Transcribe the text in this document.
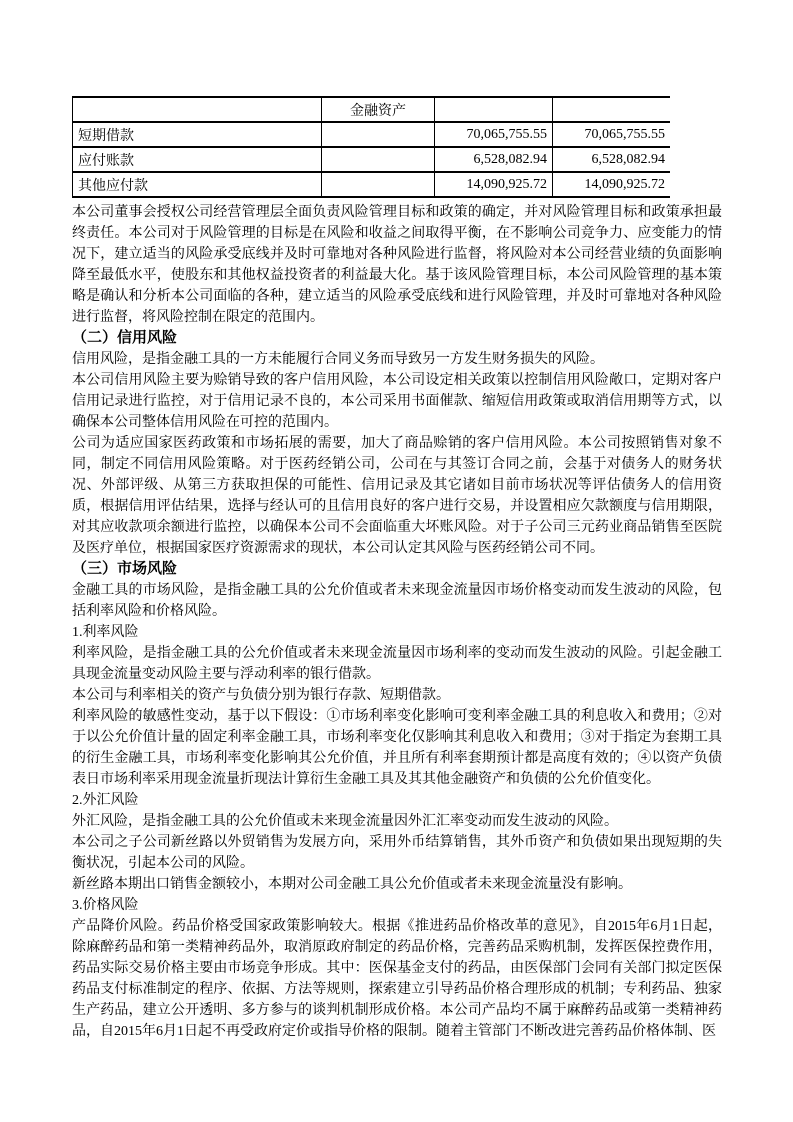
	金融资产		
短期借款		70,065,755.55	70,065,755.55
应付账款		6,528,082.94	6,528,082.94
其他应付款		14,090,925.72	14,090,925.72

本公司董事会授权公司经营管理层全面负责风险管理目标和政策的确定，并对风险管理目标和政策承担最终责任。本公司对于风险管理的目标是在风险和收益之间取得平衡，在不影响公司竞争力、应变能力的情况下，建立适当的风险承受底线并及时可靠地对各种风险进行监督，将风险对本公司经营业绩的负面影响降至最低水平，使股东和其他权益投资者的利益最大化。基于该风险管理目标，本公司风险管理的基本策略是确认和分析本公司面临的各种，建立适当的风险承受底线和进行风险管理，并及时可靠地对各种风险进行监督，将风险控制在限定的范围内。

（二）信用风险

信用风险，是指金融工具的一方未能履行合同义务而导致另一方发生财务损失的风险。

本公司信用风险主要为赊销导致的客户信用风险，本公司设定相关政策以控制信用风险敞口，定期对客户信用记录进行监控，对于信用记录不良的，本公司采用书面催款、缩短信用政策或取消信用期等方式，以确保本公司整体信用风险在可控的范围内。

公司为适应国家医药政策和市场拓展的需要，加大了商品赊销的客户信用风险。本公司按照销售对象不同，制定不同信用风险策略。对于医药经销公司，公司在与其签订合同之前，会基于对债务人的财务状况、外部评级、从第三方获取担保的可能性、信用记录及其它诸如目前市场状况等评估债务人的信用资质，根据信用评估结果，选择与经认可的且信用良好的客户进行交易，并设置相应欠款额度与信用期限，对其应收款项余额进行监控，以确保本公司不会面临重大坏账风险。对于子公司三元药业商品销售至医院及医疗单位，根据国家医疗资源需求的现状，本公司认定其风险与医药经销公司不同。

（三）市场风险

金融工具的市场风险，是指金融工具的公允价值或者未来现金流量因市场价格变动而发生波动的风险，包括利率风险和价格风险。

1.利率风险

利率风险，是指金融工具的公允价值或者未来现金流量因市场利率的变动而发生波动的风险。引起金融工具现金流量变动风险主要与浮动利率的银行借款。

本公司与利率相关的资产与负债分别为银行存款、短期借款。

利率风险的敏感性变动，基于以下假设：①市场利率变化影响可变利率金融工具的利息收入和费用；②对于以公允价值计量的固定利率金融工具，市场利率变化仅影响其利息收入和费用；③对于指定为套期工具的衍生金融工具，市场利率变化影响其公允价值，并且所有利率套期预计都是高度有效的；④以资产负债表日市场利率采用现金流量折现法计算衍生金融工具及其其他金融资产和负债的公允价值变化。

2.外汇风险

外汇风险，是指金融工具的公允价值或未来现金流量因外汇汇率变动而发生波动的风险。

本公司之子公司新丝路以外贸销售为发展方向，采用外币结算销售，其外币资产和负债如果出现短期的失衡状况，引起本公司的风险。

新丝路本期出口销售金额较小，本期对公司金融工具公允价值或者未来现金流量没有影响。

3.价格风险

产品降价风险。药品价格受国家政策影响较大。根据《推进药品价格改革的意见》，自2015年6月1日起，除麻醉药品和第一类精神药品外，取消原政府制定的药品价格，完善药品采购机制，发挥医保控费作用，药品实际交易价格主要由市场竞争形成。其中：医保基金支付的药品，由医保部门会同有关部门拟定医保药品支付标准制定的程序、依据、方法等规则，探索建立引导药品价格合理形成的机制；专利药品、独家生产药品，建立公开透明、多方参与的谈判机制形成价格。本公司产品均不属于麻醉药品或第一类精神药品，自2015年6月1日起不再受政府定价或指导价格的限制。随着主管部门不断改进完善药品价格体制、医
